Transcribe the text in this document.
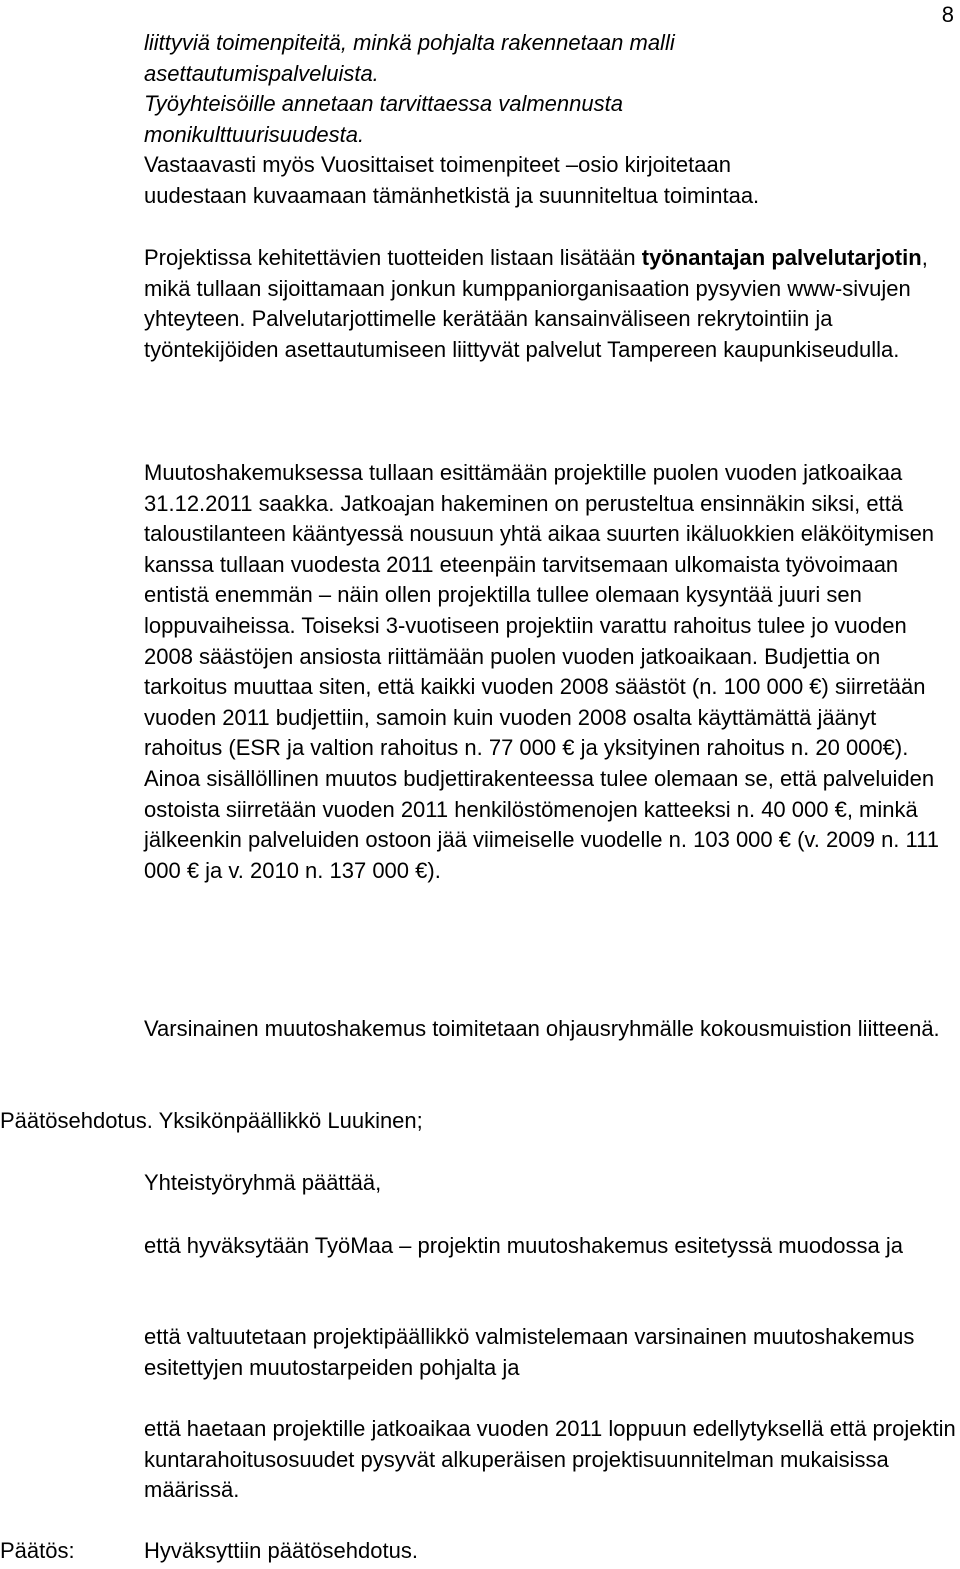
8

liittyviä toimenpiteitä, minkä pohjalta rakennetaan malli

asettautumispalveluista.

Työyhteisöille annetaan tarvittaessa valmennusta

monikulttuurisuudesta.

Vastaavasti myös Vuosittaiset toimenpiteet –osio kirjoitetaan

uudestaan kuvaamaan tämänhetkistä ja suunniteltua toimintaa.

Projektissa kehitettävien tuotteiden listaan lisätään työnantajan palvelutarjotin, mikä tullaan sijoittamaan jonkun kumppaniorganisaation pysyvien www-sivujen yhteyteen. Palvelutarjottimelle kerätään kansainväliseen rekrytointiin ja työntekijöiden asettautumiseen liittyvät palvelut Tampereen kaupunkiseudulla.

Muutoshakemuksessa tullaan esittämään projektille puolen vuoden jatkoaikaa 31.12.2011 saakka. Jatkoajan hakeminen on perusteltua ensinnäkin siksi, että taloustilanteen kääntyessä nousuun yhtä aikaa suurten ikäluokkien eläköitymisen kanssa tullaan vuodesta 2011 eteenpäin tarvitsemaan ulkomaista työvoimaan entistä enemmän – näin ollen projektilla tullee olemaan kysyntää juuri sen loppuvaiheissa. Toiseksi 3-vuotiseen projektiin varattu rahoitus tulee jo vuoden 2008 säästöjen ansiosta riittämään puolen vuoden jatkoaikaan. Budjettia on tarkoitus muuttaa siten, että kaikki vuoden 2008 säästöt (n. 100 000 €) siirretään vuoden 2011 budjettiin, samoin kuin vuoden 2008 osalta käyttämättä jäänyt rahoitus (ESR ja valtion rahoitus n. 77 000 € ja yksityinen rahoitus n. 20 000€). Ainoa sisällöllinen muutos budjettirakenteessa tulee olemaan se, että palveluiden ostoista siirretään vuoden 2011 henkilöstömenojen katteeksi n. 40 000 €, minkä jälkeenkin palveluiden ostoon jää viimeiselle vuodelle n. 103 000 € (v. 2009 n. 111 000 € ja v. 2010 n. 137 000 €).

Varsinainen muutoshakemus toimitetaan ohjausryhmälle kokousmuistion liitteenä.

Päätösehdotus. Yksikönpäällikkö Luukinen;

Yhteistyöryhmä päättää,

että hyväksytään TyöMaa – projektin muutoshakemus esitetyssä muodossa ja

että valtuutetaan projektipäällikkö valmistelemaan varsinainen muutoshakemus esitettyjen muutostarpeiden pohjalta ja

että haetaan projektille jatkoaikaa vuoden 2011 loppuun edellytyksellä että projektin kuntarahoitusosuudet pysyvät alkuperäisen projektisuunnitelman mukaisissa määrissä.

Päätös:	Hyväksyttiin päätösehdotus.
